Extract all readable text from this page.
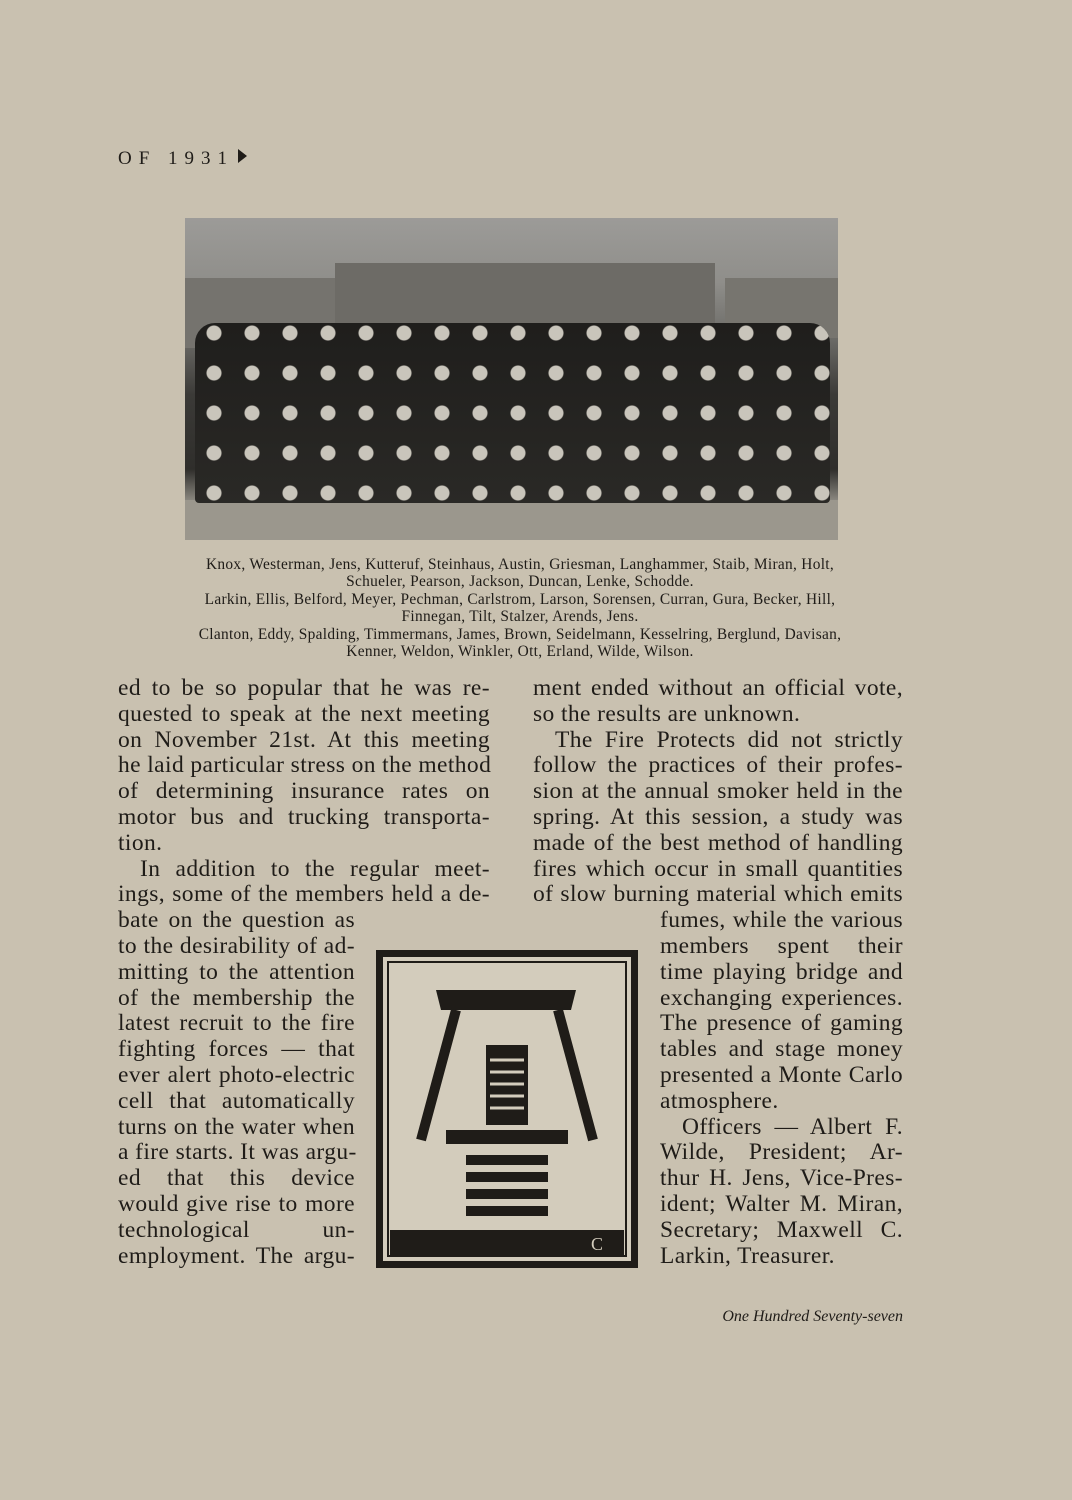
OF 1931
Knox, Westerman, Jens, Kutteruf, Steinhaus, Austin, Griesman, Langhammer, Staib, Miran, Holt,
Schueler, Pearson, Jackson, Duncan, Lenke, Schodde.
Larkin, Ellis, Belford, Meyer, Pechman, Carlstrom, Larson, Sorensen, Curran, Gura, Becker, Hill,
Finnegan, Tilt, Stalzer, Arends, Jens.
Clanton, Eddy, Spalding, Timmermans, James, Brown, Seidelmann, Kesselring, Berglund, Davisan,
Kenner, Weldon, Winkler, Ott, Erland, Wilde, Wilson.
ed to be so popular that he was re-
quested to speak at the next meeting
on November 21st. At this meeting
he laid particular stress on the method
of determining insurance rates on
motor bus and trucking transporta-
tion.
In addition to the regular meet-
ings, some of the members held a de-
bate on the question as
to the desirability of ad-
mitting to the attention
of the membership the
latest recruit to the fire
fighting forces — that
ever alert photo-electric
cell that automatically
turns on the water when
a fire starts. It was argu-
ed that this device
would give rise to more
technological un-
employment. The argu-
ment ended without an official vote,
so the results are unknown.
The Fire Protects did not strictly
follow the practices of their profes-
sion at the annual smoker held in the
spring. At this session, a study was
made of the best method of handling
fires which occur in small quantities
of slow burning material which emits
fumes, while the various
members spent their
time playing bridge and
exchanging experiences.
The presence of gaming
tables and stage money
presented a Monte Carlo
atmosphere.
Officers — Albert F.
Wilde, President; Ar-
thur H. Jens, Vice-Pres-
ident; Walter M. Miran,
Secretary; Maxwell C.
Larkin, Treasurer.
C
One Hundred Seventy-seven
